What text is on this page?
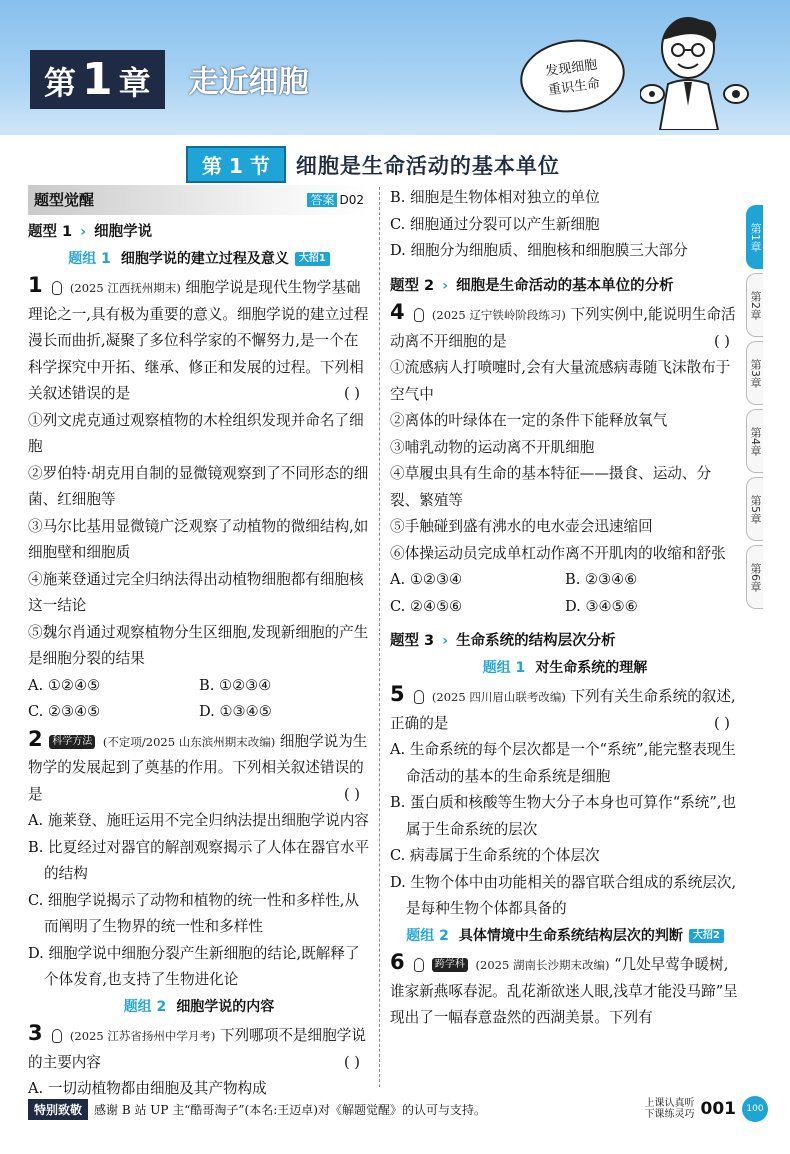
第 1 章 走近细胞	发现细胞
重识生命
第 1 节	细胞是生命活动的基本单位
题型觉醒	答案 D02
题型 1 › 细胞学说
题组 1 细胞学说的建立过程及意义 大招1
1 (2025 江西抚州期末) 细胞学说是现代生物学基础理论之一,具有极为重要的意义。细胞学说的建立过程漫长而曲折,凝聚了多位科学家的不懈努力,是一个在科学探究中开拓、继承、修正和发展的过程。下列相关叙述错误的是	( )
①列文虎克通过观察植物的木栓组织发现并命名了细胞
②罗伯特·胡克用自制的显微镜观察到了不同形态的细菌、红细胞等
③马尔比基用显微镜广泛观察了动植物的微细结构,如细胞壁和细胞质
④施莱登通过完全归纳法得出动植物细胞都有细胞核这一结论
⑤魏尔肖通过观察植物分生区细胞,发现新细胞的产生是细胞分裂的结果
A. ①②④⑤	B. ①②③④
C. ②③④⑤	D. ①③④⑤
2 科学方法 (不定项/2025 山东滨州期末改编) 细胞学说为生物学的发展起到了奠基的作用。下列相关叙述错误的是	( )
A. 施莱登、施旺运用不完全归纳法提出细胞学说内容
B. 比夏经过对器官的解剖观察揭示了人体在器官水平的结构
C. 细胞学说揭示了动物和植物的统一性和多样性,从而阐明了生物界的统一性和多样性
D. 细胞学说中细胞分裂产生新细胞的结论,既解释了个体发育,也支持了生物进化论
题组 2 细胞学说的内容
3 (2025 江苏省扬州中学月考) 下列哪项不是细胞学说的主要内容	( )
A. 一切动植物都由细胞及其产物构成
B. 细胞是生物体相对独立的单位
C. 细胞通过分裂可以产生新细胞
D. 细胞分为细胞质、细胞核和细胞膜三大部分
题型 2 › 细胞是生命活动的基本单位的分析
4 (2025 辽宁铁岭阶段练习) 下列实例中,能说明生命活动离不开细胞的是	( )
①流感病人打喷嚏时,会有大量流感病毒随飞沫散布于空气中
②离体的叶绿体在一定的条件下能释放氧气
③哺乳动物的运动离不开肌细胞
④草履虫具有生命的基本特征——摄食、运动、分裂、繁殖等
⑤手触碰到盛有沸水的电水壶会迅速缩回
⑥体操运动员完成单杠动作离不开肌肉的收缩和舒张
A. ①②③④	B. ②③④⑥
C. ②④⑤⑥	D. ③④⑤⑥
题型 3 › 生命系统的结构层次分析
题组 1 对生命系统的理解
5 (2025 四川眉山联考改编) 下列有关生命系统的叙述,正确的是	( )
A. 生命系统的每个层次都是一个“系统”,能完整表现生命活动的基本的生命系统是细胞
B. 蛋白质和核酸等生物大分子本身也可算作“系统”,也属于生命系统的层次
C. 病毒属于生命系统的个体层次
D. 生物个体中由功能相关的器官联合组成的系统层次,是每种生物个体都具备的
题组 2 具体情境中生命系统结构层次的判断 大招2
6	跨学科 (2025 湖南长沙期末改编) “几处早莺争暖树,谁家新燕啄春泥。乱花渐欲迷人眼,浅草才能没马蹄”呈现出了一幅春意盎然的西湖美景。下列有
第1章
第2章
第3章
第4章
第5章
第6章
特别致敬	感谢 B 站 UP 主“酷哥淘子”(本名:王迈卓)对《解题觉醒》的认可与支持。	上课认真听
下课练灵巧 001	100
